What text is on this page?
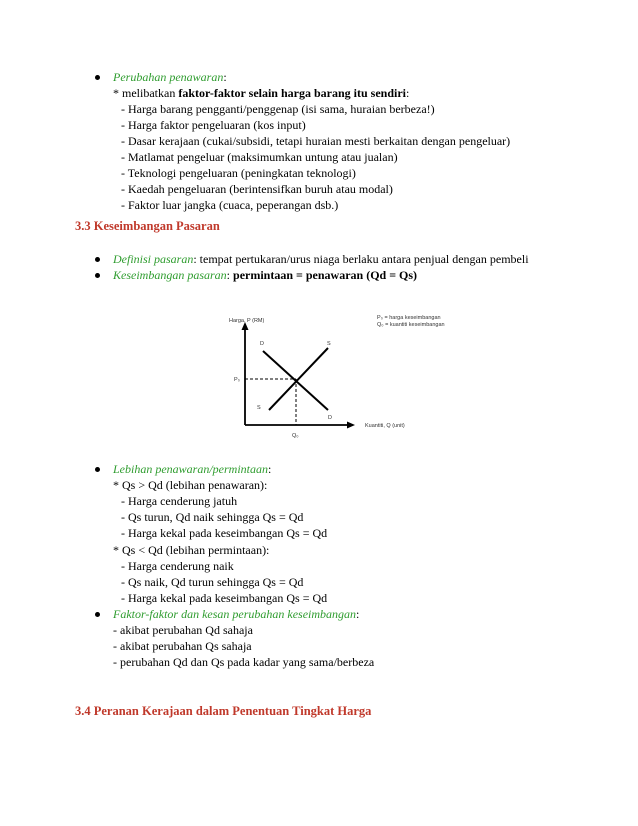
Perubahan penawaran:
* melibatkan faktor-faktor selain harga barang itu sendiri:
- Harga barang pengganti/penggenap (isi sama, huraian berbeza!)
- Harga faktor pengeluaran (kos input)
- Dasar kerajaan (cukai/subsidi, tetapi huraian mesti berkaitan dengan pengeluar)
- Matlamat pengeluar (maksimumkan untung atau jualan)
- Teknologi pengeluaran (peningkatan teknologi)
- Kaedah pengeluaran (berintensifkan buruh atau modal)
- Faktor luar jangka (cuaca, peperangan dsb.)
3.3 Keseimbangan Pasaran
Definisi pasaran: tempat pertukaran/urus niaga berlaku antara penjual dengan pembeli
Keseimbangan pasaran: permintaan = penawaran (Qd = Qs)
Harga, P (RM)
Kuantiti, Q (unit)
P₀ = harga keseimbangan
Q₀ = kuantiti keseimbangan
D	S
S
D
P₀
Q₀
Lebihan penawaran/permintaan:
* Qs > Qd (lebihan penawaran):
- Harga cenderung jatuh
- Qs turun, Qd naik sehingga Qs = Qd
- Harga kekal pada keseimbangan Qs = Qd
* Qs < Qd (lebihan permintaan):
- Harga cenderung naik
- Qs naik, Qd turun sehingga Qs = Qd
- Harga kekal pada keseimbangan Qs = Qd
Faktor-faktor dan kesan perubahan keseimbangan:
- akibat perubahan Qd sahaja
- akibat perubahan Qs sahaja
- perubahan Qd dan Qs pada kadar yang sama/berbeza
3.4 Peranan Kerajaan dalam Penentuan Tingkat Harga
